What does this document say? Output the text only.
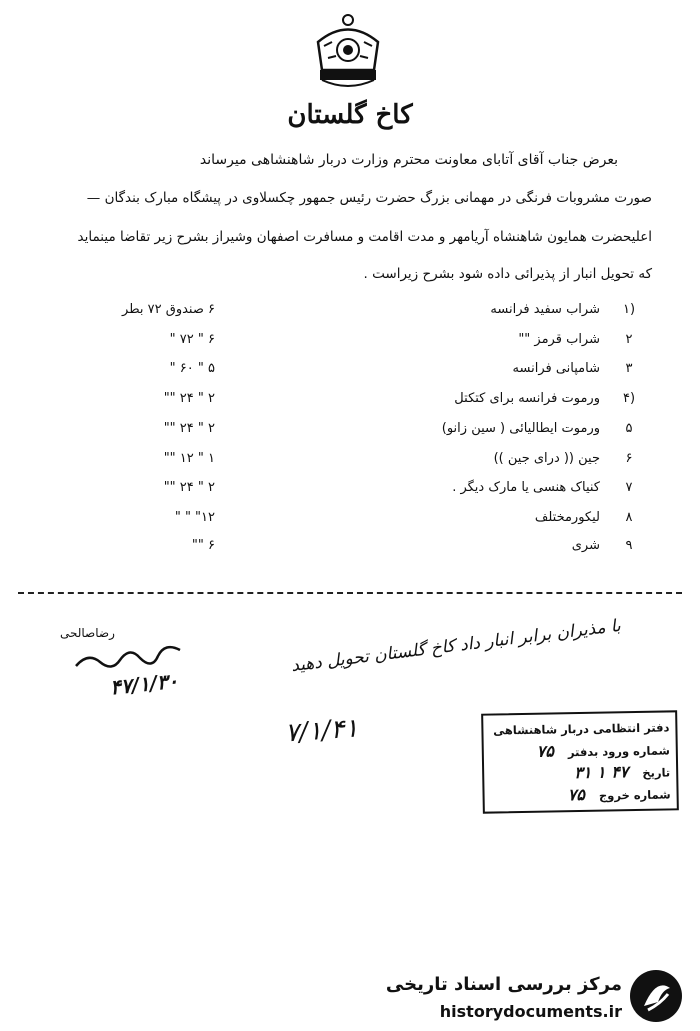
کاخ گلستان
بعرض جناب آقای آتابای معاونت محترم وزارت دربار شاهنشاهی میرساند
صورت مشروبات فرنگی در مهمانی بزرگ حضرت رئیس جمهور چکسلاوی در پیشگاه مبارک بندگان —
اعلیحضرت همایون شاهنشاه آریامهر و مدت اقامت و مسافرت اصفهان وشیراز بشرح زیر تقاضا مینماید
که تحویل انبار از پذیرائی داده شود بشرح زیراست .
(۱
شراب سفید فرانسه
۶ صندوق ۷۲ بطر
۲
شراب قرمز ""
۶ " ۷۲ "
۳
شامپانی فرانسه
۵ " ۶۰ "
(۴
ورموت فرانسه برای کتکتل
۲ " ۲۴ ""
۵
ورموت ایطالیائی ( سین زانو)
۲ " ۲۴ ""
۶
جین (( درای جین ))
۱ " ۱۲ ""
۷
کنیاک هنسی یا مارک دیگر .
۲ " ۲۴ ""
۸
لیکورمختلف
۱۲" " "
۹
شری
۶ ""
رضاصالحی
۴۷/۱/۳۰
با مذیران برابر انبار داد کاخ گلستان تحویل دهید
۷/۱/۴۱	دفتر انتظامی دربار شاهنشاهی
شماره ورود بدفتر ۷۵
تاریخ ۴۷ ۱ ۳۱
شماره خروج ۷۵
مرکز بررسی اسناد تاریخی
historydocuments.ir
